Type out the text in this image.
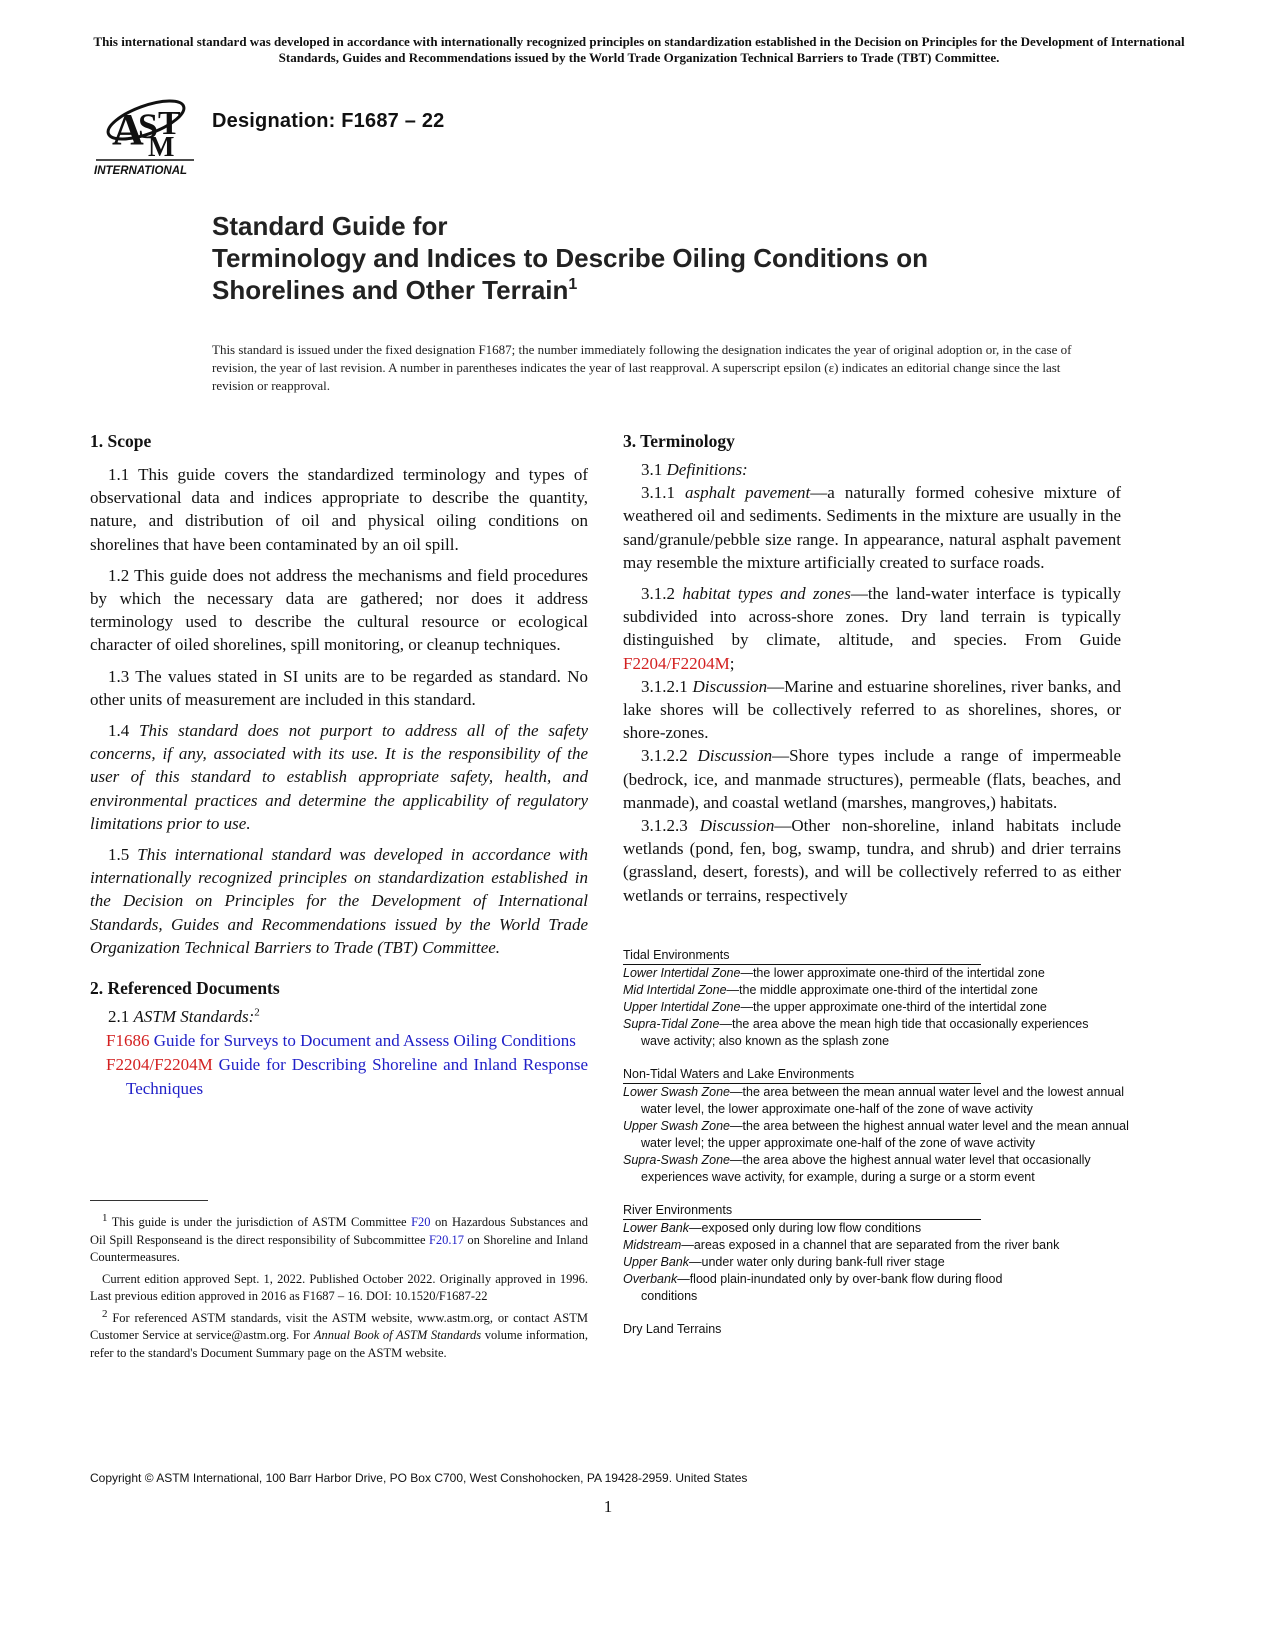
This international standard was developed in accordance with internationally recognized principles on standardization established in the Decision on Principles for the Development of International Standards, Guides and Recommendations issued by the World Trade Organization Technical Barriers to Trade (TBT) Committee.
A
S T
M
INTERNATIONAL
Designation: F1687 – 22
Standard Guide for
Terminology and Indices to Describe Oiling Conditions on
Shorelines and Other Terrain$^1$
This standard is issued under the fixed designation F1687; the number immediately following the designation indicates the year of original adoption or, in the case of revision, the year of last revision. A number in parentheses indicates the year of last reapproval. A superscript epsilon (ε) indicates an editorial change since the last revision or reapproval.
1. Scope

1.1 This guide covers the standardized terminology and types of observational data and indices appropriate to describe the quantity, nature, and distribution of oil and physical oiling conditions on shorelines that have been contaminated by an oil spill.

1.2 This guide does not address the mechanisms and field procedures by which the necessary data are gathered; nor does it address terminology used to describe the cultural resource or ecological character of oiled shorelines, spill monitoring, or cleanup techniques.

1.3 The values stated in SI units are to be regarded as standard. No other units of measurement are included in this standard.

1.4 This standard does not purport to address all of the safety concerns, if any, associated with its use. It is the responsibility of the user of this standard to establish appropriate safety, health, and environmental practices and determine the applicability of regulatory limitations prior to use.

1.5 This international standard was developed in accordance with internationally recognized principles on standardization established in the Decision on Principles for the Development of International Standards, Guides and Recommendations issued by the World Trade Organization Technical Barriers to Trade (TBT) Committee.

2. Referenced Documents

2.1 ASTM Standards:$^2$

F1686 Guide for Surveys to Document and Assess Oiling Conditions

F2204/F2204M Guide for Describing Shoreline and Inland Response Techniques

$^1$ This guide is under the jurisdiction of ASTM Committee F20 on Hazardous Substances and Oil Spill Responseand is the direct responsibility of Subcommittee F20.17 on Shoreline and Inland Countermeasures.

Current edition approved Sept. 1, 2022. Published October 2022. Originally approved in 1996. Last previous edition approved in 2016 as F1687 – 16. DOI: 10.1520/F1687-22

$^2$ For referenced ASTM standards, visit the ASTM website, www.astm.org, or contact ASTM Customer Service at service@astm.org. For Annual Book of ASTM Standards volume information, refer to the standard's Document Summary page on the ASTM website.

3. Terminology

3.1 Definitions:

3.1.1 asphalt pavement—a naturally formed cohesive mixture of weathered oil and sediments. Sediments in the mixture are usually in the sand/granule/pebble size range. In appearance, natural asphalt pavement may resemble the mixture artificially created to surface roads.

3.1.2 habitat types and zones—the land-water interface is typically subdivided into across-shore zones. Dry land terrain is typically distinguished by climate, altitude, and species. From Guide F2204/F2204M;

3.1.2.1 Discussion—Marine and estuarine shorelines, river banks, and lake shores will be collectively referred to as shorelines, shores, or shore-zones.

3.1.2.2 Discussion—Shore types include a range of impermeable (bedrock, ice, and manmade structures), permeable (flats, beaches, and manmade), and coastal wetland (marshes, mangroves,) habitats.

3.1.2.3 Discussion—Other non-shoreline, inland habitats include wetlands (pond, fen, bog, swamp, tundra, and shrub) and drier terrains (grassland, desert, forests), and will be collectively referred to as either wetlands or terrains, respectively

Tidal Environments
Lower Intertidal Zone—the lower approximate one-third of the intertidal zone
Mid Intertidal Zone—the middle approximate one-third of the intertidal zone
Upper Intertidal Zone—the upper approximate one-third of the intertidal zone
Supra-Tidal Zone—the area above the mean high tide that occasionally experiences wave activity; also known as the splash zone
Non-Tidal Waters and Lake Environments
Lower Swash Zone—the area between the mean annual water level and the lowest annual water level, the lower approximate one-half of the zone of wave activity
Upper Swash Zone—the area between the highest annual water level and the mean annual water level; the upper approximate one-half of the zone of wave activity
Supra-Swash Zone—the area above the highest annual water level that occasionally experiences wave activity, for example, during a surge or a storm event
River Environments
Lower Bank—exposed only during low flow conditions
Midstream—areas exposed in a channel that are separated from the river bank
Upper Bank—under water only during bank-full river stage
Overbank—flood plain-inundated only by over-bank flow during flood conditions
Dry Land Terrains
Copyright © ASTM International, 100 Barr Harbor Drive, PO Box C700, West Conshohocken, PA 19428-2959. United States
1
